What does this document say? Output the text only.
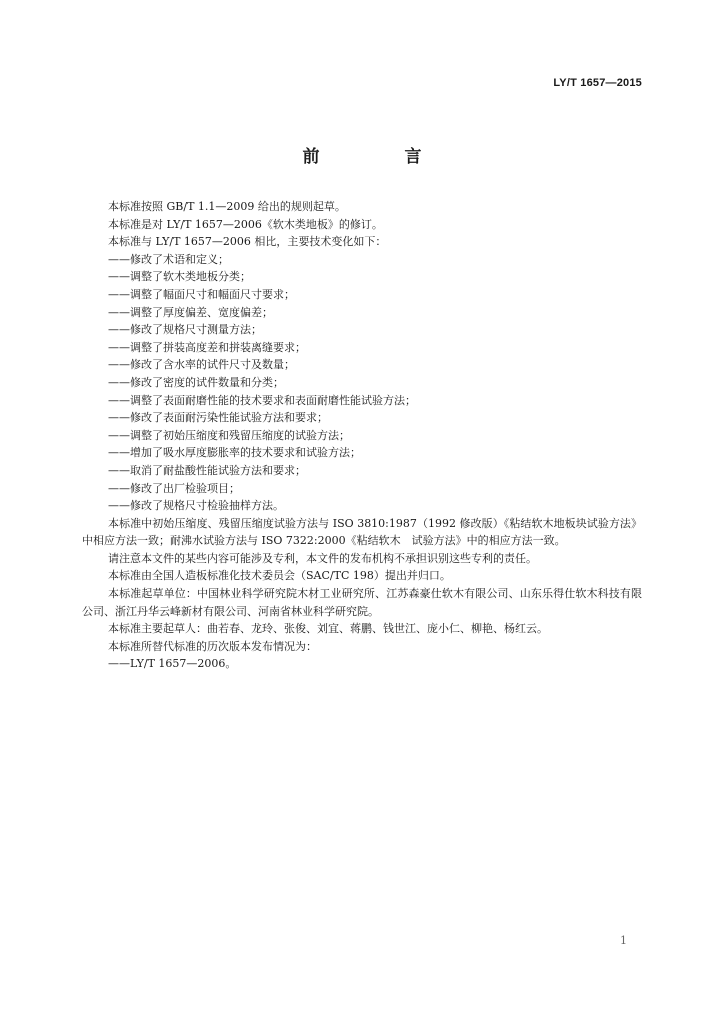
LY/T 1657—2015
前　言

本标准按照 GB/T 1.1—2009 给出的规则起草。

本标准是对 LY/T 1657—2006《软木类地板》的修订。

本标准与 LY/T 1657—2006 相比，主要技术变化如下：

——修改了术语和定义；

——调整了软木类地板分类；

——调整了幅面尺寸和幅面尺寸要求；

——调整了厚度偏差、宽度偏差；

——修改了规格尺寸测量方法；

——调整了拼装高度差和拼装离缝要求；

——修改了含水率的试件尺寸及数量；

——修改了密度的试件数量和分类；

——调整了表面耐磨性能的技术要求和表面耐磨性能试验方法；

——修改了表面耐污染性能试验方法和要求；

——调整了初始压缩度和残留压缩度的试验方法；

——增加了吸水厚度膨胀率的技术要求和试验方法；

——取消了耐盐酸性能试验方法和要求；

——修改了出厂检验项目；

——修改了规格尺寸检验抽样方法。

本标准中初始压缩度、残留压缩度试验方法与 ISO 3810:1987（1992 修改版）《粘结软木地板块试验方法》中相应方法一致；耐沸水试验方法与 ISO 7322:2000《粘结软木　试验方法》中的相应方法一致。

请注意本文件的某些内容可能涉及专利，本文件的发布机构不承担识别这些专利的责任。

本标准由全国人造板标准化技术委员会（SAC/TC 198）提出并归口。

本标准起草单位：中国林业科学研究院木材工业研究所、江苏森豪仕软木有限公司、山东乐得仕软木科技有限公司、浙江丹华云峰新材有限公司、河南省林业科学研究院。

本标准主要起草人：曲若春、龙玲、张俊、刘宜、蒋鹏、钱世江、庞小仁、柳艳、杨红云。

本标准所替代标准的历次版本发布情况为：

——LY/T 1657—2006。

1
